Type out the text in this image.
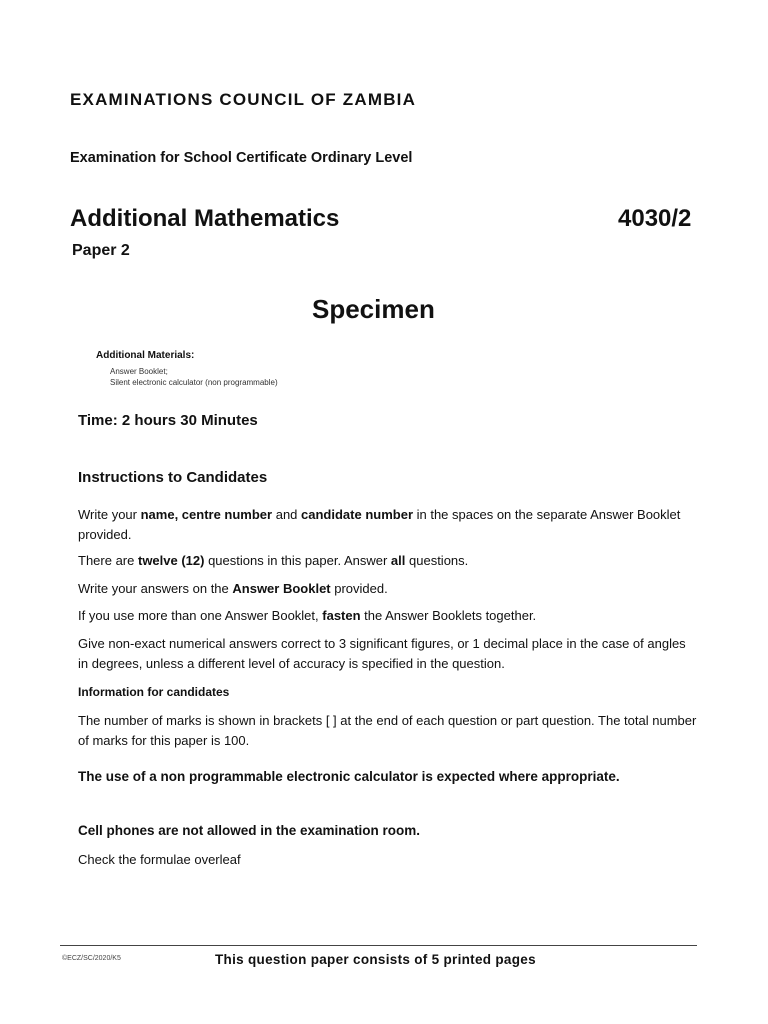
EXAMINATIONS COUNCIL OF ZAMBIA
Examination for School Certificate Ordinary Level
Additional Mathematics	4030/2
Paper 2
Specimen
Additional Materials:
Answer Booklet;
Silent electronic calculator (non programmable)
Time: 2 hours 30 Minutes
Instructions to Candidates
Write your name, centre number and candidate number in the spaces on the separate Answer Booklet provided.
There are twelve (12) questions in this paper. Answer all questions.
Write your answers on the Answer Booklet provided.
If you use more than one Answer Booklet, fasten the Answer Booklets together.
Give non-exact numerical answers correct to 3 significant figures, or 1 decimal place in the case of angles in degrees, unless a different level of accuracy is specified in the question.
Information for candidates
The number of marks is shown in brackets [ ] at the end of each question or part question. The total number of marks for this paper is 100.
The use of a non programmable electronic calculator is expected where appropriate.
Cell phones are not allowed in the examination room.
Check the formulae overleaf
©ECZ/SC/2020/K5	This question paper consists of 5 printed pages
